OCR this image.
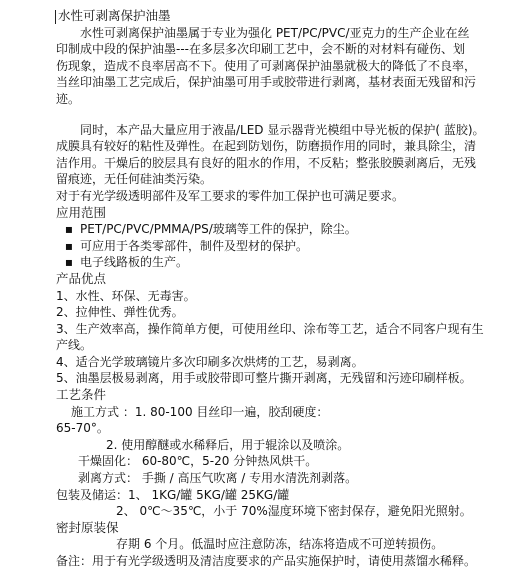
水性可剥离保护油墨
水性可剥离保护油墨属于专业为强化 PET/PC/PVC/亚克力的生产企业在丝
印制成中段的保护油墨---在多层多次印刷工艺中，会不断的对材料有碰伤、划
伤现象，造成不良率居高不下。使用了可剥离保护油墨就极大的降低了不良率，
当丝印油墨工艺完成后，保护油墨可用手或胶带进行剥离，基材表面无残留和污
迹。
同时，本产品大量应用于液晶/LED 显示器背光模组中导光板的保护( 蓝胶)。
成膜具有较好的粘性及弹性。在起到防划伤，防磨损作用的同时，兼具除尘，清
洁作用。干燥后的胶层具有良好的阻水的作用，不反粘；整张胶膜剥离后，无残
留痕迹，无任何硅油类污染。
对于有光学级透明部件及军工要求的零件加工保护也可满足要求。
应用范围
▪ PET/PC/PVC/PMMA/PS/玻璃等工件的保护，除尘。
▪ 可应用于各类零部件，制件及型材的保护。
▪ 电子线路板的生产。
产品优点
1、水性、环保、无毒害。
2、拉伸性、弹性优秀。
3、生产效率高，操作简单方便，可使用丝印、涂布等工艺，适合不同客户现有生
产线。
4、适合光学玻璃镜片多次印刷多次烘烤的工艺，易剥离。
5、油墨层极易剥离，用手或胶带即可整片撕开剥离，无残留和污迹印刷样板。
工艺条件
施工方式 ：1. 80-100 目丝印一遍，胶刮硬度：
65-70°。
2. 使用醇醚或水稀释后，用于辊涂以及喷涂。
干燥固化： 60-80℃，5-20 分钟热风烘干。
剥离方式： 手撕 / 高压气吹离 / 专用水清洗剂剥落。
包装及储运：1、 1KG/罐 5KG/罐 25KG/罐
2、 0℃～35℃，小于 70%湿度环境下密封保存，避免阳光照射。
密封原装保
存期 6 个月。低温时应注意防冻，结冻将造成不可逆转损伤。
备注：用于有光学级透明及清洁度要求的产品实施保护时，请使用蒸馏水稀释。
